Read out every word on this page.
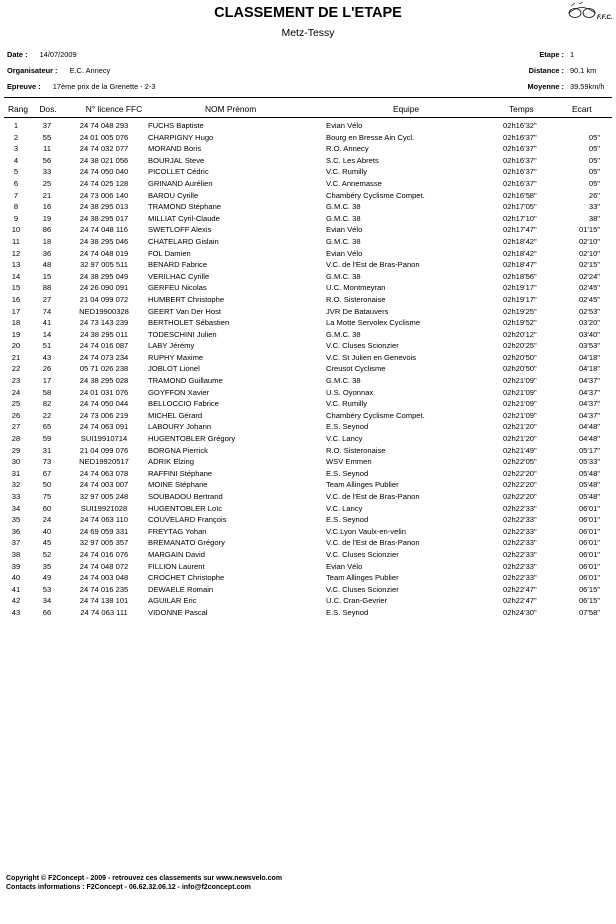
CLASSEMENT DE L'ETAPE
Metz-Tessy
F.F.C.
Date : 14/07/2009
Organisateur : E.C. Annecy
Epreuve : 17ème prix de la Grenette - 2-3
Etape : 1
Distance : 90.1 km
Moyenne : 39.59km/h
Rang	Dos.	N° licence FFC	NOM Prénom	Equipe	Temps	Ecart
1	37	24 74 048 293	FUCHS Baptiste	Evian Vélo	02h16'32"
2	55	24 01 005 076	CHARPIGNY Hugo	Bourg en Bresse Ain Cycl.	02h16'37"	05"
3	11	24 74 032 077	MORAND Boris	R.O. Annecy	02h16'37"	05"
4	56	24 38 021 056	BOURJAL Steve	S.C. Les Abrets	02h16'37"	05"
5	33	24 74 050 040	PICOLLET Cédric	V.C. Rumilly	02h16'37"	05"
6	25	24 74 025 128	GRINAND Aurélien	V.C. Annemasse	02h16'37"	05"
7	21	24 73 006 140	BAROU Cyrille	Chambéry Cyclisme Compet.	02h16'58"	26"
8	16	24 38 295 013	TRAMOND Stéphane	G.M.C. 38	02h17'05"	33"
9	19	24 38 295 017	MILLIAT Cyril-Claude	G.M.C. 38	02h17'10"	38"
10	86	24 74 048 116	SWETLOFF Alexis	Evian Vélo	02h17'47"	01'15"
11	18	24 38 295 046	CHATELARD Gislain	G.M.C. 38	02h18'42"	02'10"
12	36	24 74 048 019	FOL Damien	Evian Vélo	02h18'42"	02'10"
13	48	32 97 005 511	BENARD Fabrice	V.C. de l'Est de Bras-Panon	02h18'47"	02'15"
14	15	24 38 295 049	VERILHAC Cyrille	G.M.C. 38	02h18'56"	02'24"
15	88	24 26 090 091	GERFEU Nicolas	U.C. Montmeyran	02h19'17"	02'45"
16	27	21 04 099 072	HUMBERT Christophe	R.O. Sisteronaise	02h19'17"	02'45"
17	74	NED19900328	GEERT Van Der Host	JVR De Batauvers	02h19'25"	02'53"
18	41	24 73 143 239	BERTHOLET Sébastien	La Motte Servolex Cyclisme	02h19'52"	03'20"
19	14	24 38 295 011	TODESCHINI Julien	G.M.C. 38	02h20'12"	03'40"
20	51	24 74 016 087	LABY Jérémy	V.C. Cluses Scionzier	02h20'25"	03'53"
21	43	24 74 073 234	RUPHY Maxime	V.C. St Julien en Genevois	02h20'50"	04'18"
22	26	05 71 026 238	JOBLOT Lionel	Creusot Cyclisme	02h20'50"	04'18"
23	17	24 38 295 028	TRAMOND Guillaume	G.M.C. 38	02h21'09"	04'37"
24	58	24 01 031 076	GOYFFON Xavier	U.S. Oyonnax	02h21'09"	04'37"
25	82	24 74 050 044	BELLOCCIO Fabrice	V.C. Rumilly	02h21'09"	04'37"
26	22	24 73 006 219	MICHEL Gérard	Chambéry Cyclisme Compet.	02h21'09"	04'37"
27	65	24 74 063 091	LABOURY Johann	E.S. Seynod	02h21'20"	04'48"
28	59	SUI19910714	HUGENTOBLER Grégory	V.C. Lancy	02h21'20"	04'48"
29	31	21 04 099 076	BORGNA Pierrick	R.O. Sisteronaise	02h21'49"	05'17"
30	73	NED19920517	ADRIK Elzing	WSV Emmen	02h22'05"	05'33"
31	67	24 74 063 078	RAFFINI Stéphane	E.S. Seynod	02h22'20"	05'48"
32	50	24 74 003 007	MOINE Stéphane	Team Allinges Publier	02h22'20"	05'48"
33	75	32 97 005 248	SOUBADOU Bertrand	V.C. de l'Est de Bras-Panon	02h22'20"	05'48"
34	60	SUI19921028	HUGENTOBLER Loïc	V.C. Lancy	02h22'33"	06'01"
35	24	24 74 063 110	COUVELARD François	E.S. Seynod	02h22'33"	06'01"
36	40	24 69 059 331	FREYTAG Yohan	V.C.Lyon Vaulx-en-velin	02h22'33"	06'01"
37	45	32 97 005 357	BREMANATO Grégory	V.C. de l'Est de Bras-Panon	02h22'33"	06'01"
38	52	24 74 016 076	MARGAIN David	V.C. Cluses Scionzier	02h22'33"	06'01"
39	35	24 74 048 072	FILLION Laurent	Evian Vélo	02h22'33"	06'01"
40	49	24 74 003 048	CROCHET Christophe	Team Allinges Publier	02h22'33"	06'01"
41	53	24 74 016 235	DEWAELE Romain	V.C. Cluses Scionzier	02h22'47"	06'15"
42	34	24 74 138 101	AGUILAR Eric	U.C. Cran-Gevrier	02h22'47"	06'15"
43	66	24 74 063 111	VIDONNE Pascal	E.S. Seynod	02h24'30"	07'58"
Copyright © F2Concept - 2009 - retrouvez ces classements sur www.newsvelo.com
Contacts informations : F2Concept - 06.62.32.06.12 - info@f2concept.com
